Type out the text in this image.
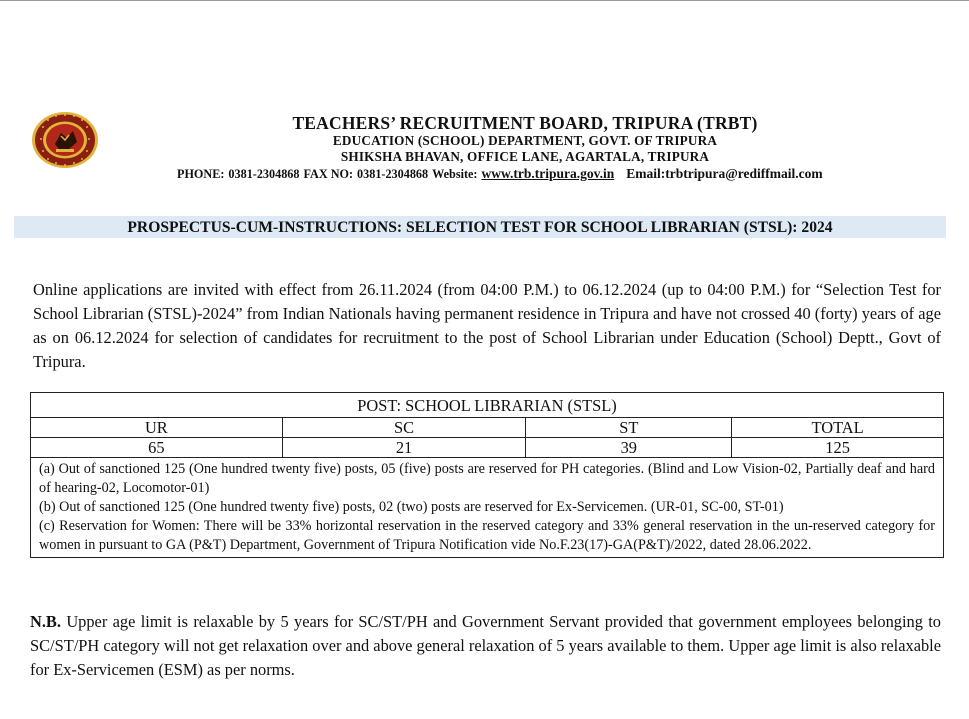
TEACHERS’ RECRUITMENT BOARD, TRIPURA (TRBT)
EDUCATION (SCHOOL) DEPARTMENT, GOVT. OF TRIPURA
SHIKSHA BHAVAN, OFFICE LANE, AGARTALA, TRIPURA
PHONE: 0381-2304868 FAX NO: 0381-2304868 Website: www.trb.tripura.gov.in Email:trbtripura@rediffmail.com
PROSPECTUS-CUM-INSTRUCTIONS: SELECTION TEST FOR SCHOOL LIBRARIAN (STSL): 2024
Online applications are invited with effect from 26.11.2024 (from 04:00 P.M.) to 06.12.2024 (up to 04:00 P.M.) for “Selection Test for School Librarian (STSL)-2024” from Indian Nationals having permanent residence in Tripura and have not crossed 40 (forty) years of age as on 06.12.2024 for selection of candidates for recruitment to the post of School Librarian under Education (School) Deptt., Govt of Tripura.
POST: SCHOOL LIBRARIAN (STSL)			
UR	SC	ST	TOTAL
65	21	39	125

(a) Out of sanctioned 125 (One hundred twenty five) posts, 05 (five) posts are reserved for PH categories. (Blind and Low Vision-02, Partially deaf and hard of hearing-02, Locomotor-01)
(b) Out of sanctioned 125 (One hundred twenty five) posts, 02 (two) posts are reserved for Ex-Servicemen. (UR-01, SC-00, ST-01)
(c) Reservation for Women: There will be 33% horizontal reservation in the reserved category and 33% general reservation in the un-reserved category for women in pursuant to GA (P&T) Department, Government of Tripura Notification vide No.F.23(17)-GA(P&T)/2022, dated 28.06.2022.			
N.B. Upper age limit is relaxable by 5 years for SC/ST/PH and Government Servant provided that government employees belonging to SC/ST/PH category will not get relaxation over and above general relaxation of 5 years available to them. Upper age limit is also relaxable for Ex-Servicemen (ESM) as per norms.
